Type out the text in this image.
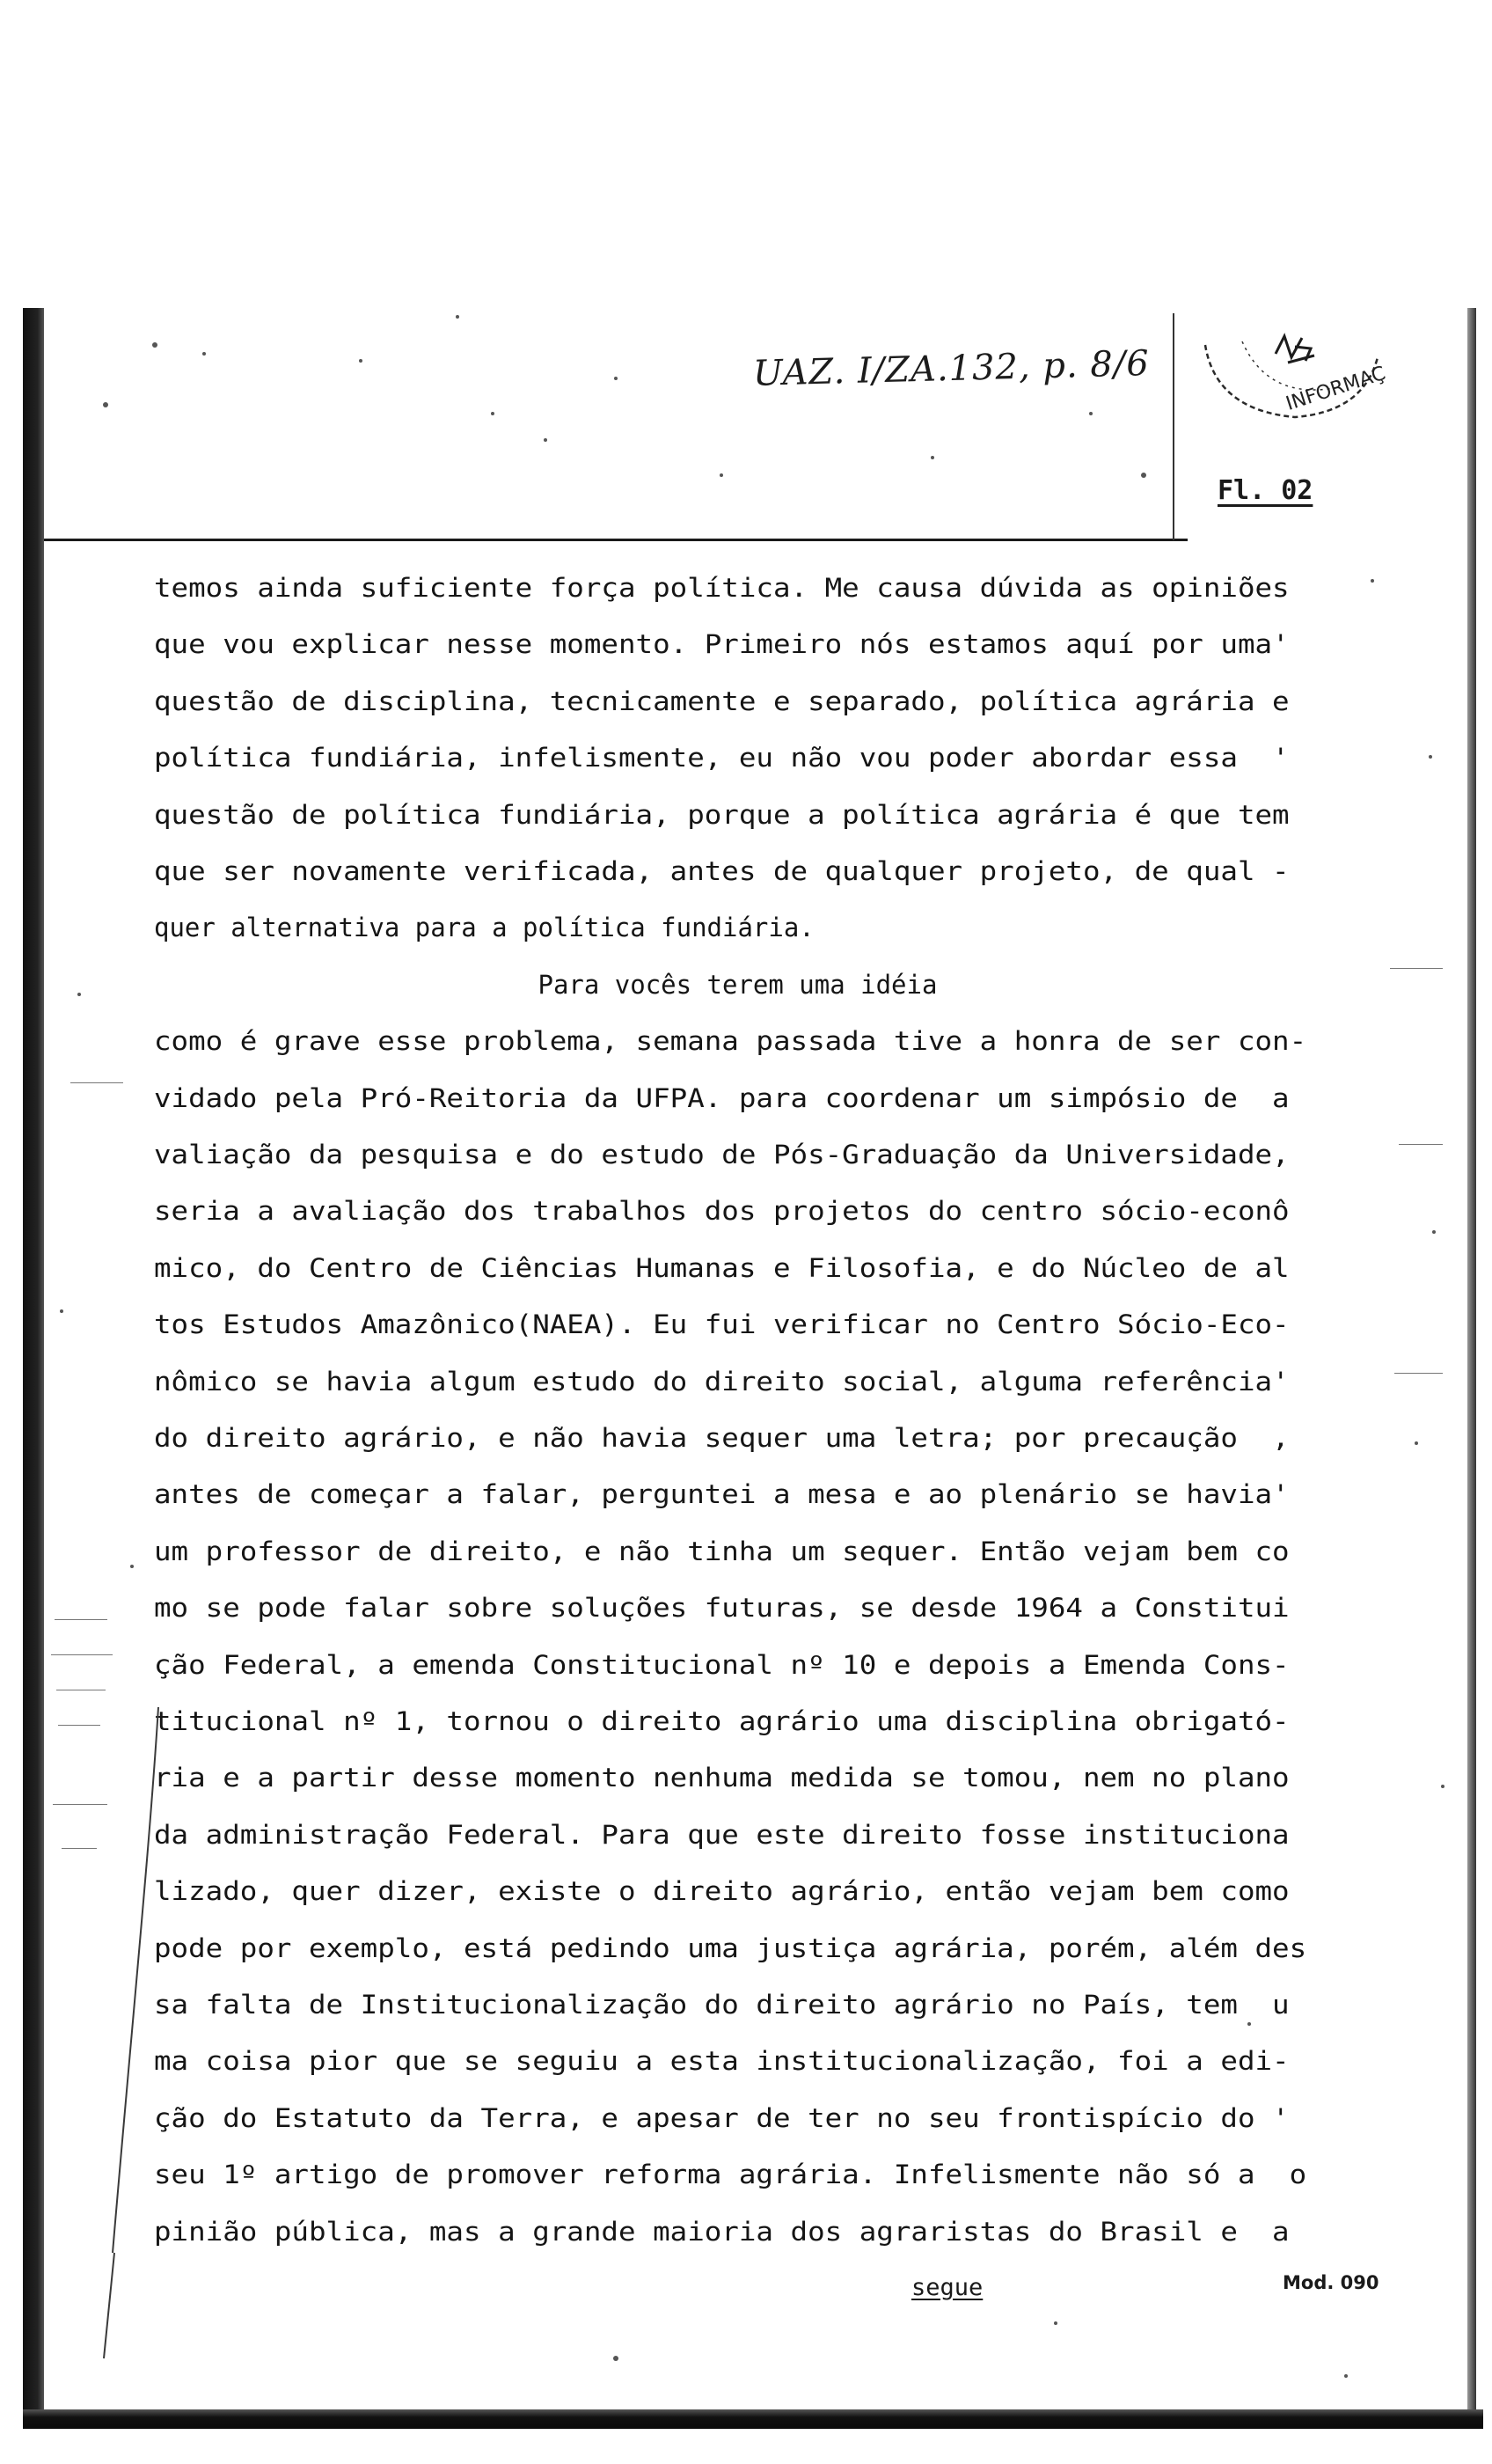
UAZ. I/ZA.132, p. 8/6	INFORMAÇ
Fl. 02
temos ainda suficiente força política. Me causa dúvida as opiniões
que vou explicar nesse momento. Primeiro nós estamos aquí por uma'
questão de disciplina, tecnicamente e separado, política agrária e
política fundiária, infelismente, eu não vou poder abordar essa  '
questão de política fundiária, porque a política agrária é que tem
que ser novamente verificada, antes de qualquer projeto, de qual -
quer alternativa para a política fundiária.
Para vocês terem uma idéia
como é grave esse problema, semana passada tive a honra de ser con-
vidado pela Pró-Reitoria da UFPA. para coordenar um simpósio de  a
valiação da pesquisa e do estudo de Pós-Graduação da Universidade,
seria a avaliação dos trabalhos dos projetos do centro sócio-econô
mico, do Centro de Ciências Humanas e Filosofia, e do Núcleo de al
tos Estudos Amazônico(NAEA). Eu fui verificar no Centro Sócio-Eco-
nômico se havia algum estudo do direito social, alguma referência'
do direito agrário, e não havia sequer uma letra; por precaução  ,
antes de começar a falar, perguntei a mesa e ao plenário se havia'
um professor de direito, e não tinha um sequer. Então vejam bem co
mo se pode falar sobre soluções futuras, se desde 1964 a Constitui
ção Federal, a emenda Constitucional nº 10 e depois a Emenda Cons-
titucional nº 1, tornou o direito agrário uma disciplina obrigató-
ria e a partir desse momento nenhuma medida se tomou, nem no plano
da administração Federal. Para que este direito fosse instituciona
lizado, quer dizer, existe o direito agrário, então vejam bem como
pode por exemplo, está pedindo uma justiça agrária, porém, além des
sa falta de Institucionalização do direito agrário no País, tem  u
ma coisa pior que se seguiu a esta institucionalização, foi a edi-
ção do Estatuto da Terra, e apesar de ter no seu frontispício do '
seu 1º artigo de promover reforma agrária. Infelismente não só a  o
pinião pública, mas a grande maioria dos agraristas do Brasil e  a
segue	Mod. 090
